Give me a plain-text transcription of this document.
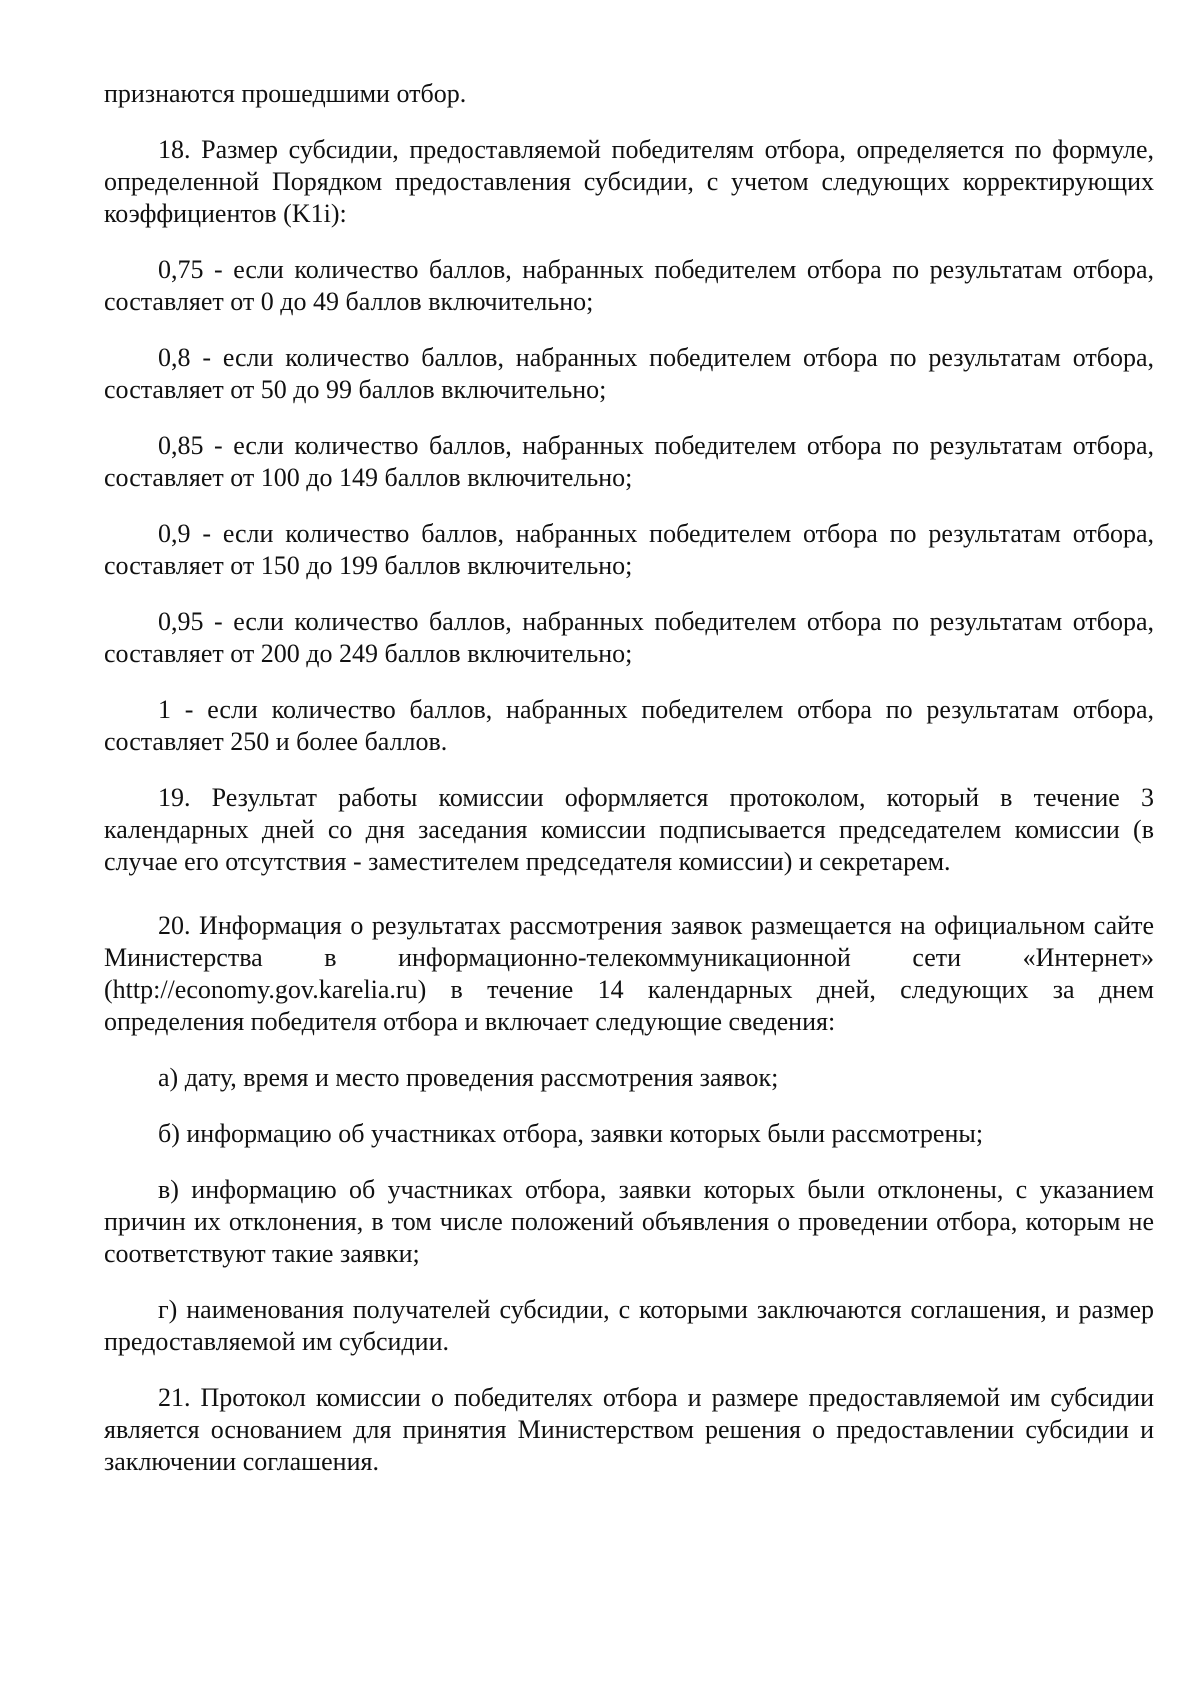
признаются прошедшими отбор.

18. Размер субсидии, предоставляемой победителям отбора, определяется по формуле, определенной Порядком предоставления субсидии, с учетом следующих корректирующих коэффициентов (K1i):

0,75 - если количество баллов, набранных победителем отбора по результатам отбора, составляет от 0 до 49 баллов включительно;

0,8 - если количество баллов, набранных победителем отбора по результатам отбора, составляет от 50 до 99 баллов включительно;

0,85 - если количество баллов, набранных победителем отбора по результатам отбора, составляет от 100 до 149 баллов включительно;

0,9 - если количество баллов, набранных победителем отбора по результатам отбора, составляет от 150 до 199 баллов включительно;

0,95 - если количество баллов, набранных победителем отбора по результатам отбора, составляет от 200 до 249 баллов включительно;

1 - если количество баллов, набранных победителем отбора по результатам отбора, составляет 250 и более баллов.

19. Результат работы комиссии оформляется протоколом, который в течение 3 календарных дней со дня заседания комиссии подписывается председателем комиссии (в случае его отсутствия - заместителем председателя комиссии) и секретарем.

20. Информация о результатах рассмотрения заявок размещается на официальном сайте Министерства в информационно-телекоммуникационной сети «Интернет» (http://economy.gov.karelia.ru) в течение 14 календарных дней, следующих за днем определения победителя отбора и включает следующие сведения:

а) дату, время и место проведения рассмотрения заявок;

б) информацию об участниках отбора, заявки которых были рассмотрены;

в) информацию об участниках отбора, заявки которых были отклонены, с указанием причин их отклонения, в том числе положений объявления о проведении отбора, которым не соответствуют такие заявки;

г) наименования получателей субсидии, с которыми заключаются соглашения, и размер предоставляемой им субсидии.

21. Протокол комиссии о победителях отбора и размере предоставляемой им субсидии является основанием для принятия Министерством решения о предоставлении субсидии и заключении соглашения.
